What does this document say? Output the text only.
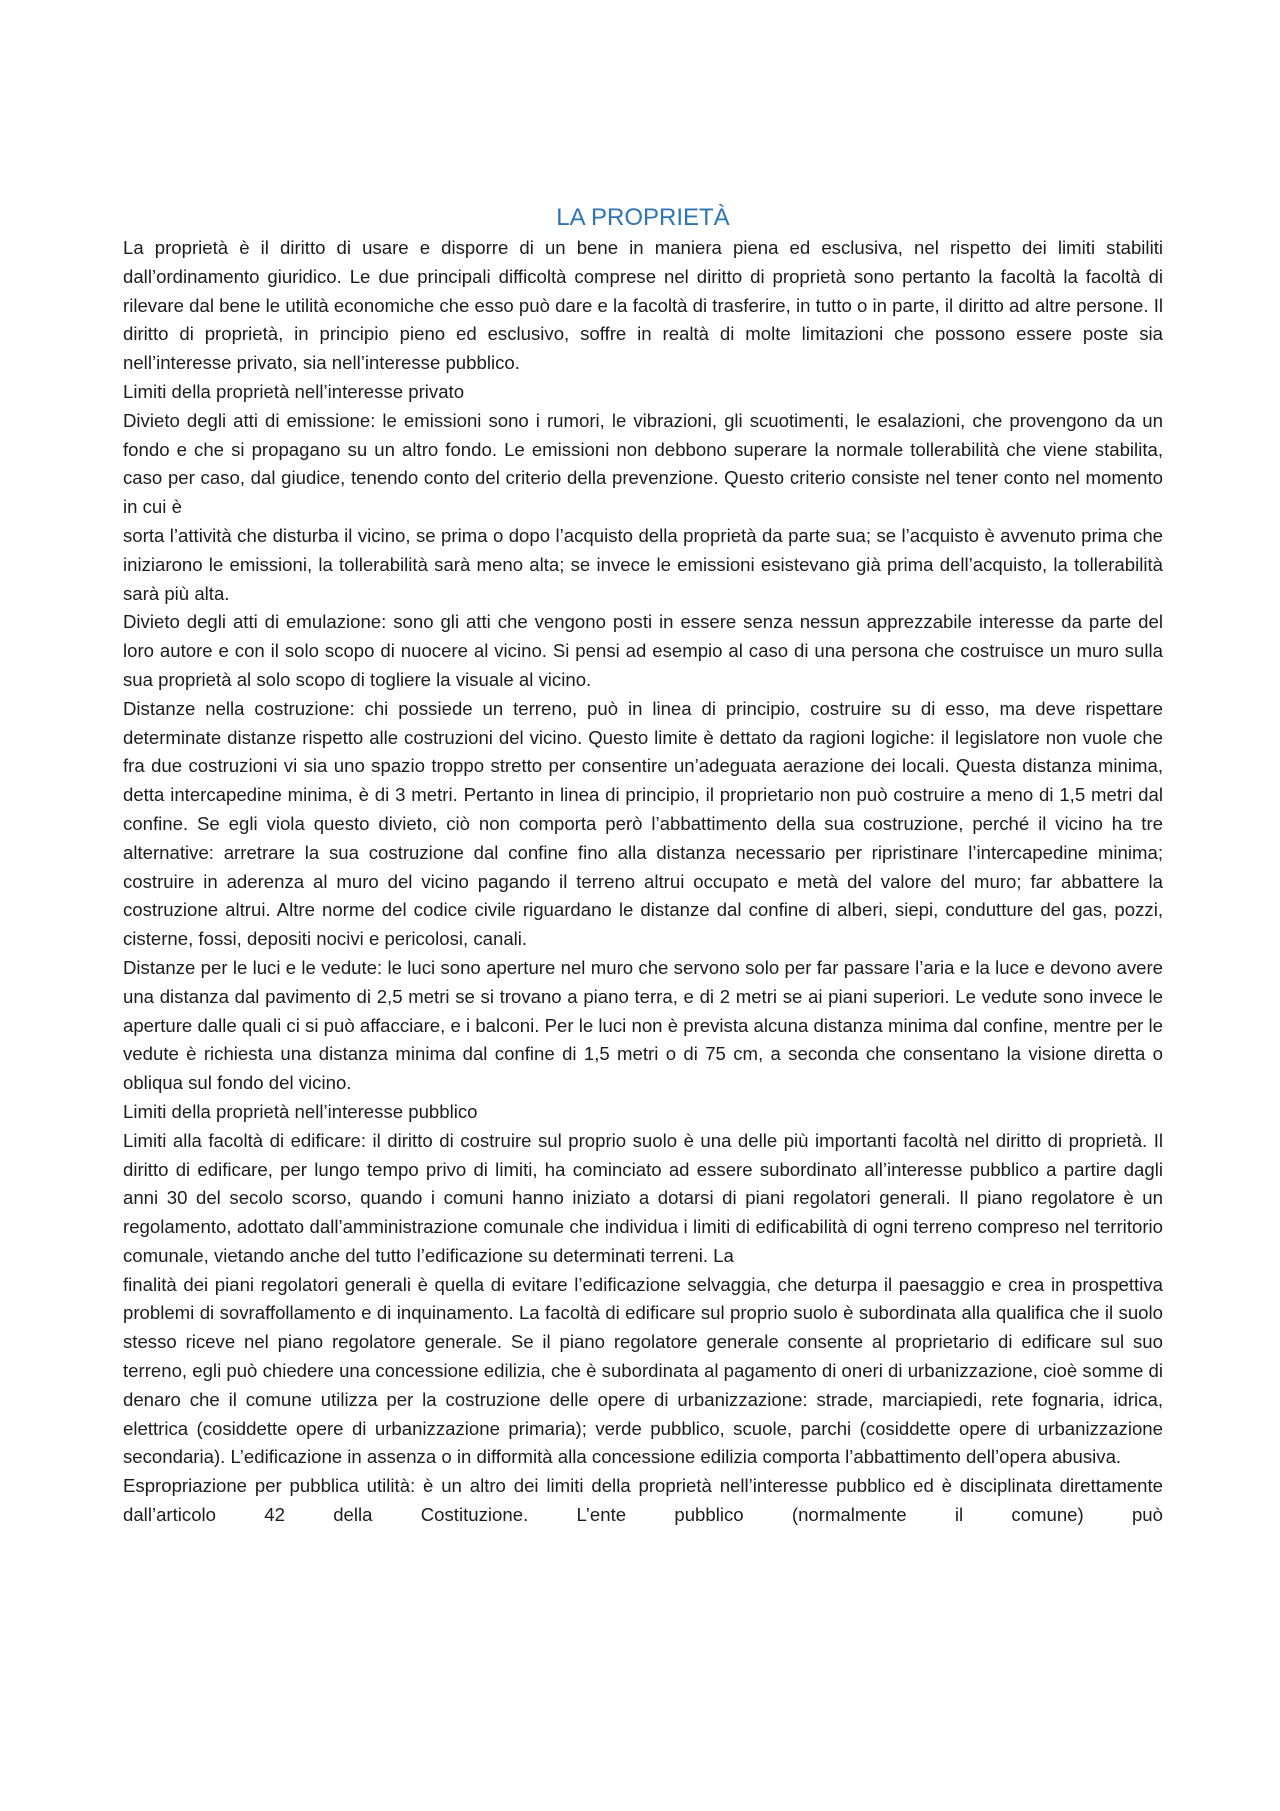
LA PROPRIETÀ

La proprietà è il diritto di usare e disporre di un bene in maniera piena ed esclusiva, nel rispetto dei limiti stabiliti dall’ordinamento giuridico. Le due principali difficoltà comprese nel diritto di proprietà sono pertanto la facoltà la facoltà di rilevare dal bene le utilità economiche che esso può dare e la facoltà di trasferire, in tutto o in parte, il diritto ad altre persone. Il diritto di proprietà, in principio pieno ed esclusivo, soffre in realtà di molte limitazioni che possono essere poste sia nell’interesse privato, sia nell’interesse pubblico.

Limiti della proprietà nell’interesse privato

Divieto degli atti di emissione: le emissioni sono i rumori, le vibrazioni, gli scuotimenti, le esalazioni, che provengono da un fondo e che si propagano su un altro fondo. Le emissioni non debbono superare la normale tollerabilità che viene stabilita, caso per caso, dal giudice, tenendo conto del criterio della prevenzione. Questo criterio consiste nel tener conto nel momento in cui è

sorta l’attività che disturba il vicino, se prima o dopo l’acquisto della proprietà da parte sua; se l’acquisto è avvenuto prima che iniziarono le emissioni, la tollerabilità sarà meno alta; se invece le emissioni esistevano già prima dell’acquisto, la tollerabilità sarà più alta.

Divieto degli atti di emulazione: sono gli atti che vengono posti in essere senza nessun apprezzabile interesse da parte del loro autore e con il solo scopo di nuocere al vicino. Si pensi ad esempio al caso di una persona che costruisce un muro sulla sua proprietà al solo scopo di togliere la visuale al vicino.

Distanze nella costruzione: chi possiede un terreno, può in linea di principio, costruire su di esso, ma deve rispettare determinate distanze rispetto alle costruzioni del vicino. Questo limite è dettato da ragioni logiche: il legislatore non vuole che fra due costruzioni vi sia uno spazio troppo stretto per consentire un’adeguata aerazione dei locali. Questa distanza minima, detta intercapedine minima, è di 3 metri. Pertanto in linea di principio, il proprietario non può costruire a meno di 1,5 metri dal confine. Se egli viola questo divieto, ciò non comporta però l’abbattimento della sua costruzione, perché il vicino ha tre alternative: arretrare la sua costruzione dal confine fino alla distanza necessario per ripristinare l’intercapedine minima; costruire in aderenza al muro del vicino pagando il terreno altrui occupato e metà del valore del muro; far abbattere la costruzione altrui. Altre norme del codice civile riguardano le distanze dal confine di alberi, siepi, condutture del gas, pozzi, cisterne, fossi, depositi nocivi e pericolosi, canali.

Distanze per le luci e le vedute: le luci sono aperture nel muro che servono solo per far passare l’aria e la luce e devono avere una distanza dal pavimento di 2,5 metri se si trovano a piano terra, e di 2 metri se ai piani superiori. Le vedute sono invece le aperture dalle quali ci si può affacciare, e i balconi. Per le luci non è prevista alcuna distanza minima dal confine, mentre per le vedute è richiesta una distanza minima dal confine di 1,5 metri o di 75 cm, a seconda che consentano la visione diretta o obliqua sul fondo del vicino.

Limiti della proprietà nell’interesse pubblico

Limiti alla facoltà di edificare: il diritto di costruire sul proprio suolo è una delle più importanti facoltà nel diritto di proprietà. Il diritto di edificare, per lungo tempo privo di limiti, ha cominciato ad essere subordinato all’interesse pubblico a partire dagli anni 30 del secolo scorso, quando i comuni hanno iniziato a dotarsi di piani regolatori generali. Il piano regolatore è un regolamento, adottato dall’amministrazione comunale che individua i limiti di edificabilità di ogni terreno compreso nel territorio comunale, vietando anche del tutto l’edificazione su determinati terreni. La

finalità dei piani regolatori generali è quella di evitare l’edificazione selvaggia, che deturpa il paesaggio e crea in prospettiva problemi di sovraffollamento e di inquinamento. La facoltà di edificare sul proprio suolo è subordinata alla qualifica che il suolo stesso riceve nel piano regolatore generale. Se il piano regolatore generale consente al proprietario di edificare sul suo terreno, egli può chiedere una concessione edilizia, che è subordinata al pagamento di oneri di urbanizzazione, cioè somme di denaro che il comune utilizza per la costruzione delle opere di urbanizzazione: strade, marciapiedi, rete fognaria, idrica, elettrica (cosiddette opere di urbanizzazione primaria); verde pubblico, scuole, parchi (cosiddette opere di urbanizzazione secondaria). L’edificazione in assenza o in difformità alla concessione edilizia comporta l’abbattimento dell’opera abusiva.

Espropriazione per pubblica utilità: è un altro dei limiti della proprietà nell’interesse pubblico ed è disciplinata direttamente dall’articolo 42 della Costituzione. L’ente pubblico (normalmente il comune) può
